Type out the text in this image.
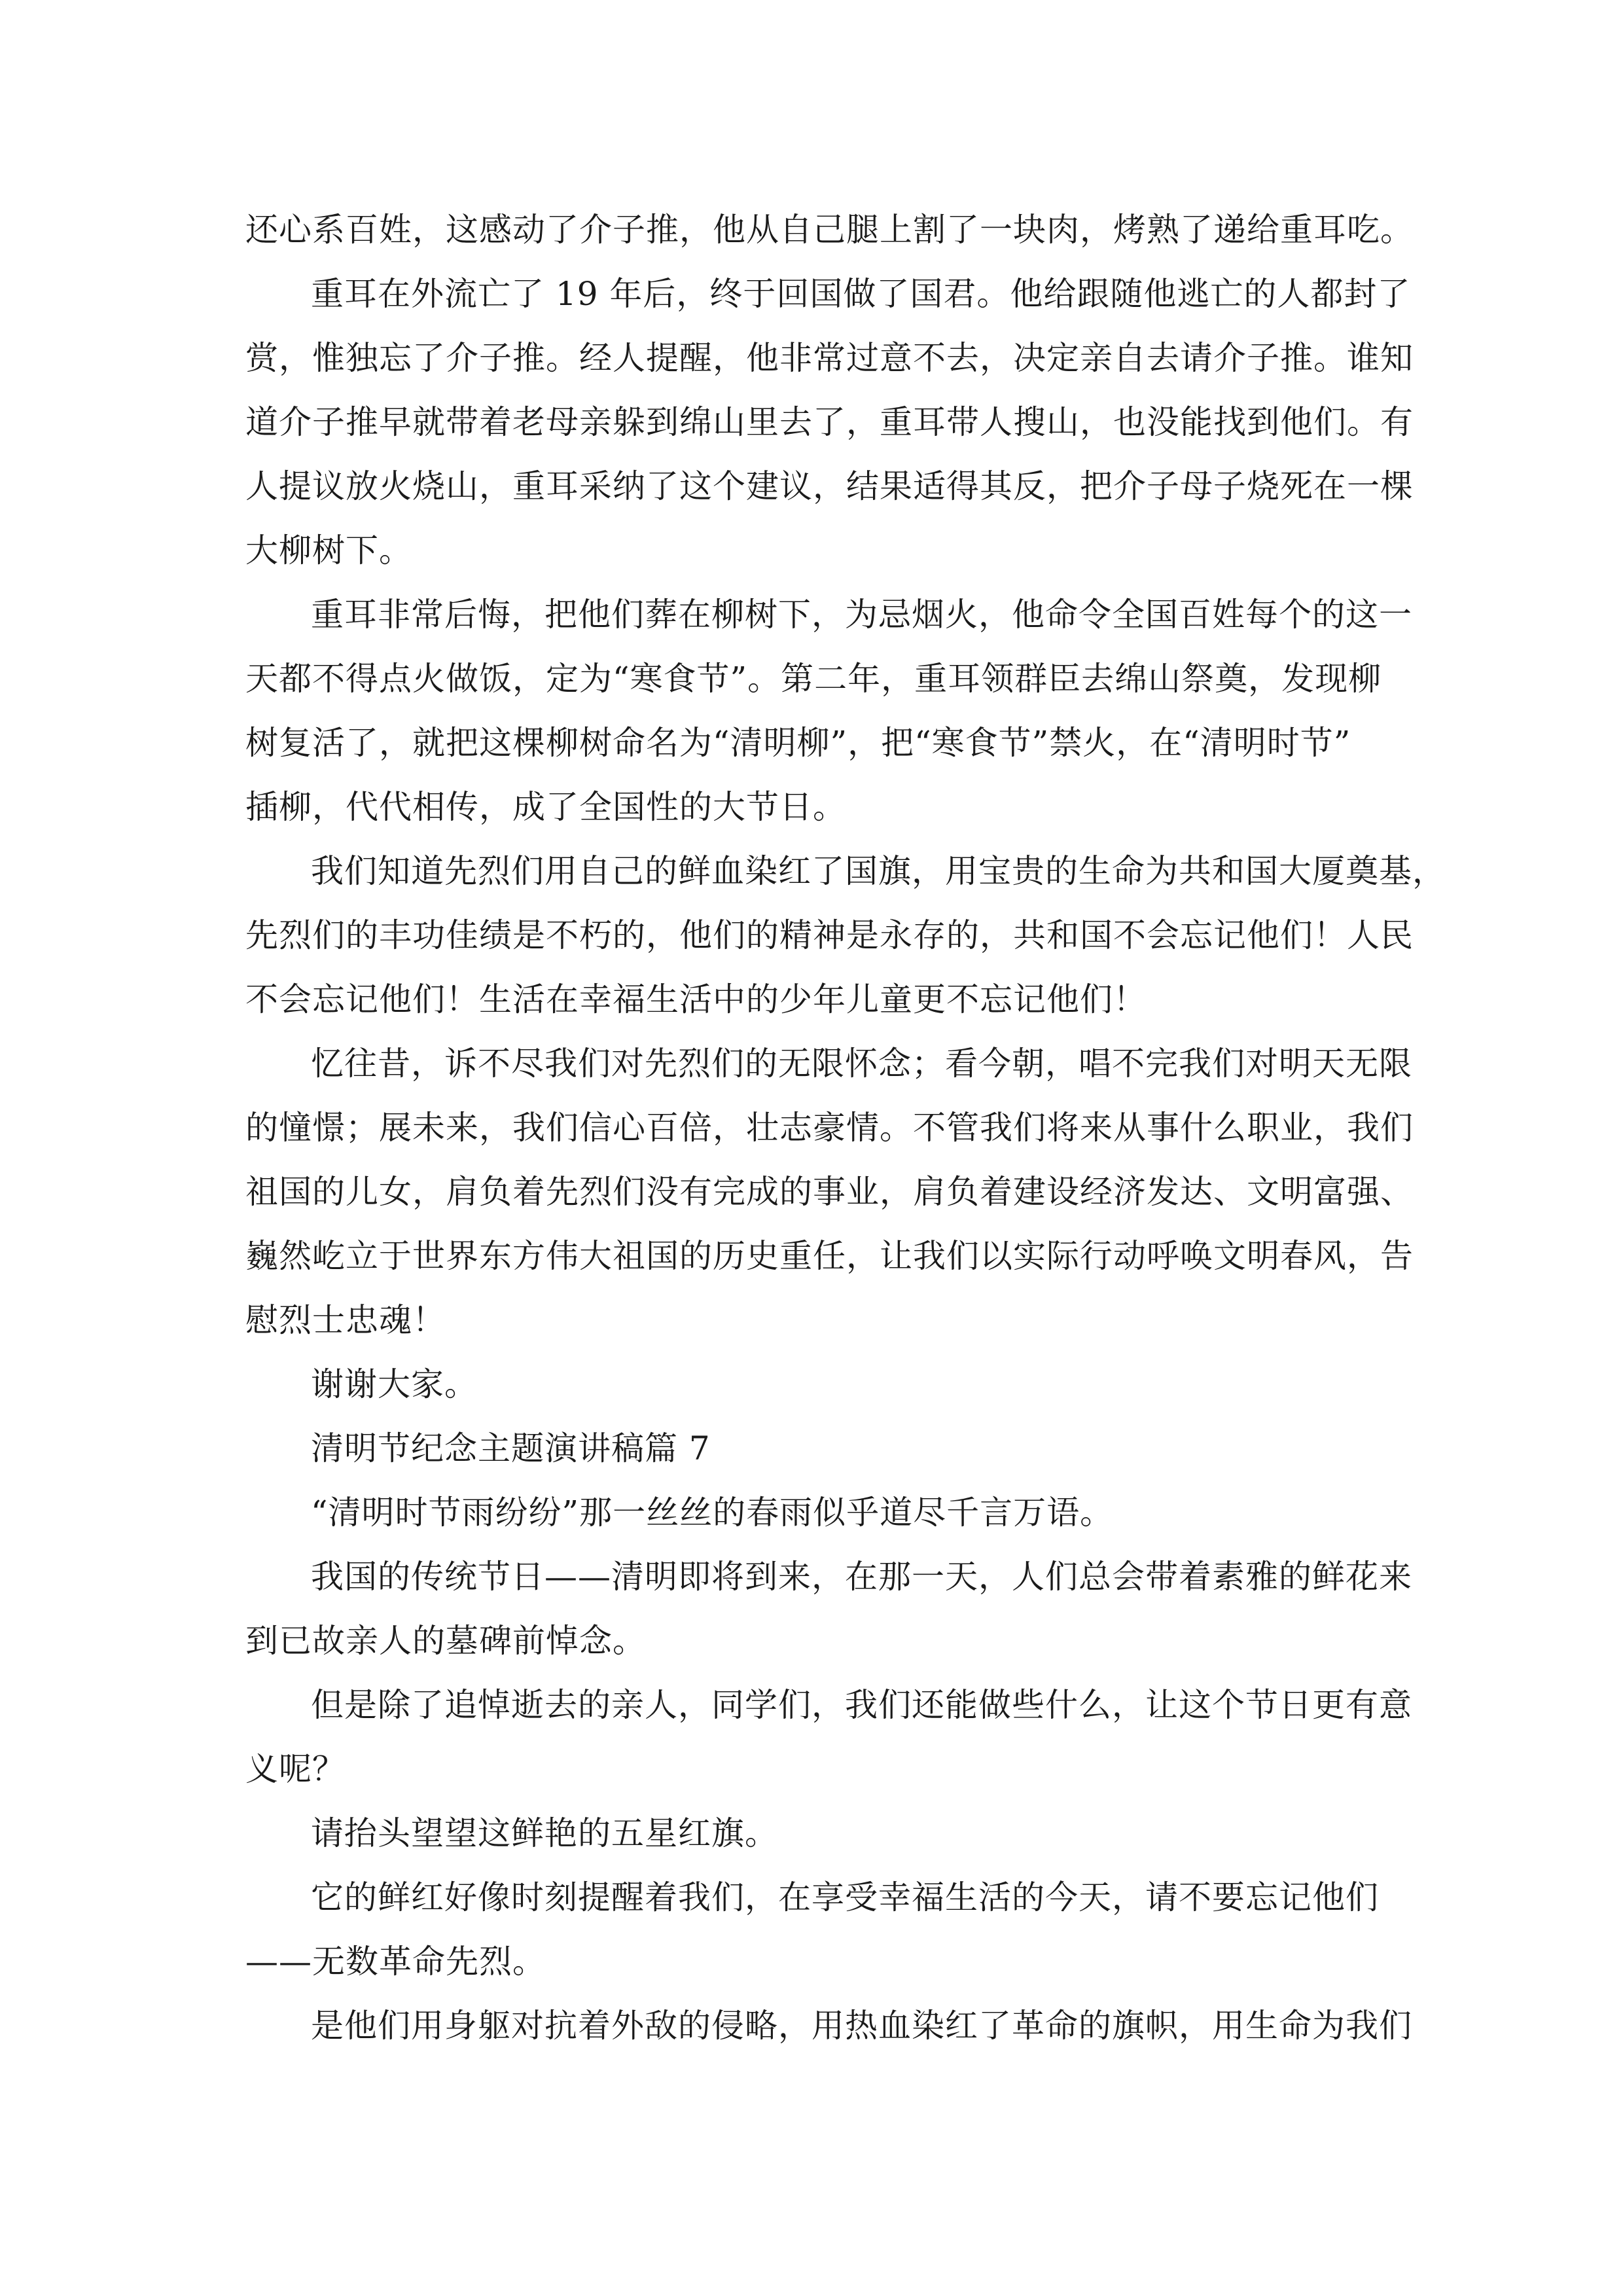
还心系百姓，这感动了介子推，他从自己腿上割了一块肉，烤熟了递给重耳吃。
重耳在外流亡了 19 年后，终于回国做了国君。他给跟随他逃亡的人都封了
赏，惟独忘了介子推。经人提醒，他非常过意不去，决定亲自去请介子推。谁知
道介子推早就带着老母亲躲到绵山里去了，重耳带人搜山，也没能找到他们。有
人提议放火烧山，重耳采纳了这个建议，结果适得其反，把介子母子烧死在一棵
大柳树下。
重耳非常后悔，把他们葬在柳树下，为忌烟火，他命令全国百姓每个的这一
天都不得点火做饭，定为“寒食节”。第二年，重耳领群臣去绵山祭奠，发现柳
树复活了，就把这棵柳树命名为“清明柳”，把“寒食节”禁火，在“清明时节”
插柳，代代相传，成了全国性的大节日。
我们知道先烈们用自己的鲜血染红了国旗，用宝贵的生命为共和国大厦奠基，
先烈们的丰功佳绩是不朽的，他们的精神是永存的，共和国不会忘记他们！人民
不会忘记他们！生活在幸福生活中的少年儿童更不忘记他们！
忆往昔，诉不尽我们对先烈们的无限怀念；看今朝，唱不完我们对明天无限
的憧憬；展未来，我们信心百倍，壮志豪情。不管我们将来从事什么职业，我们
祖国的儿女，肩负着先烈们没有完成的事业，肩负着建设经济发达、文明富强、
巍然屹立于世界东方伟大祖国的历史重任，让我们以实际行动呼唤文明春风，告
慰烈士忠魂！
谢谢大家。
清明节纪念主题演讲稿篇 7
“清明时节雨纷纷”那一丝丝的春雨似乎道尽千言万语。
我国的传统节日——清明即将到来，在那一天，人们总会带着素雅的鲜花来
到已故亲人的墓碑前悼念。
但是除了追悼逝去的亲人，同学们，我们还能做些什么，让这个节日更有意
义呢？
请抬头望望这鲜艳的五星红旗。
它的鲜红好像时刻提醒着我们，在享受幸福生活的今天，请不要忘记他们
——无数革命先烈。
是他们用身躯对抗着外敌的侵略，用热血染红了革命的旗帜，用生命为我们
